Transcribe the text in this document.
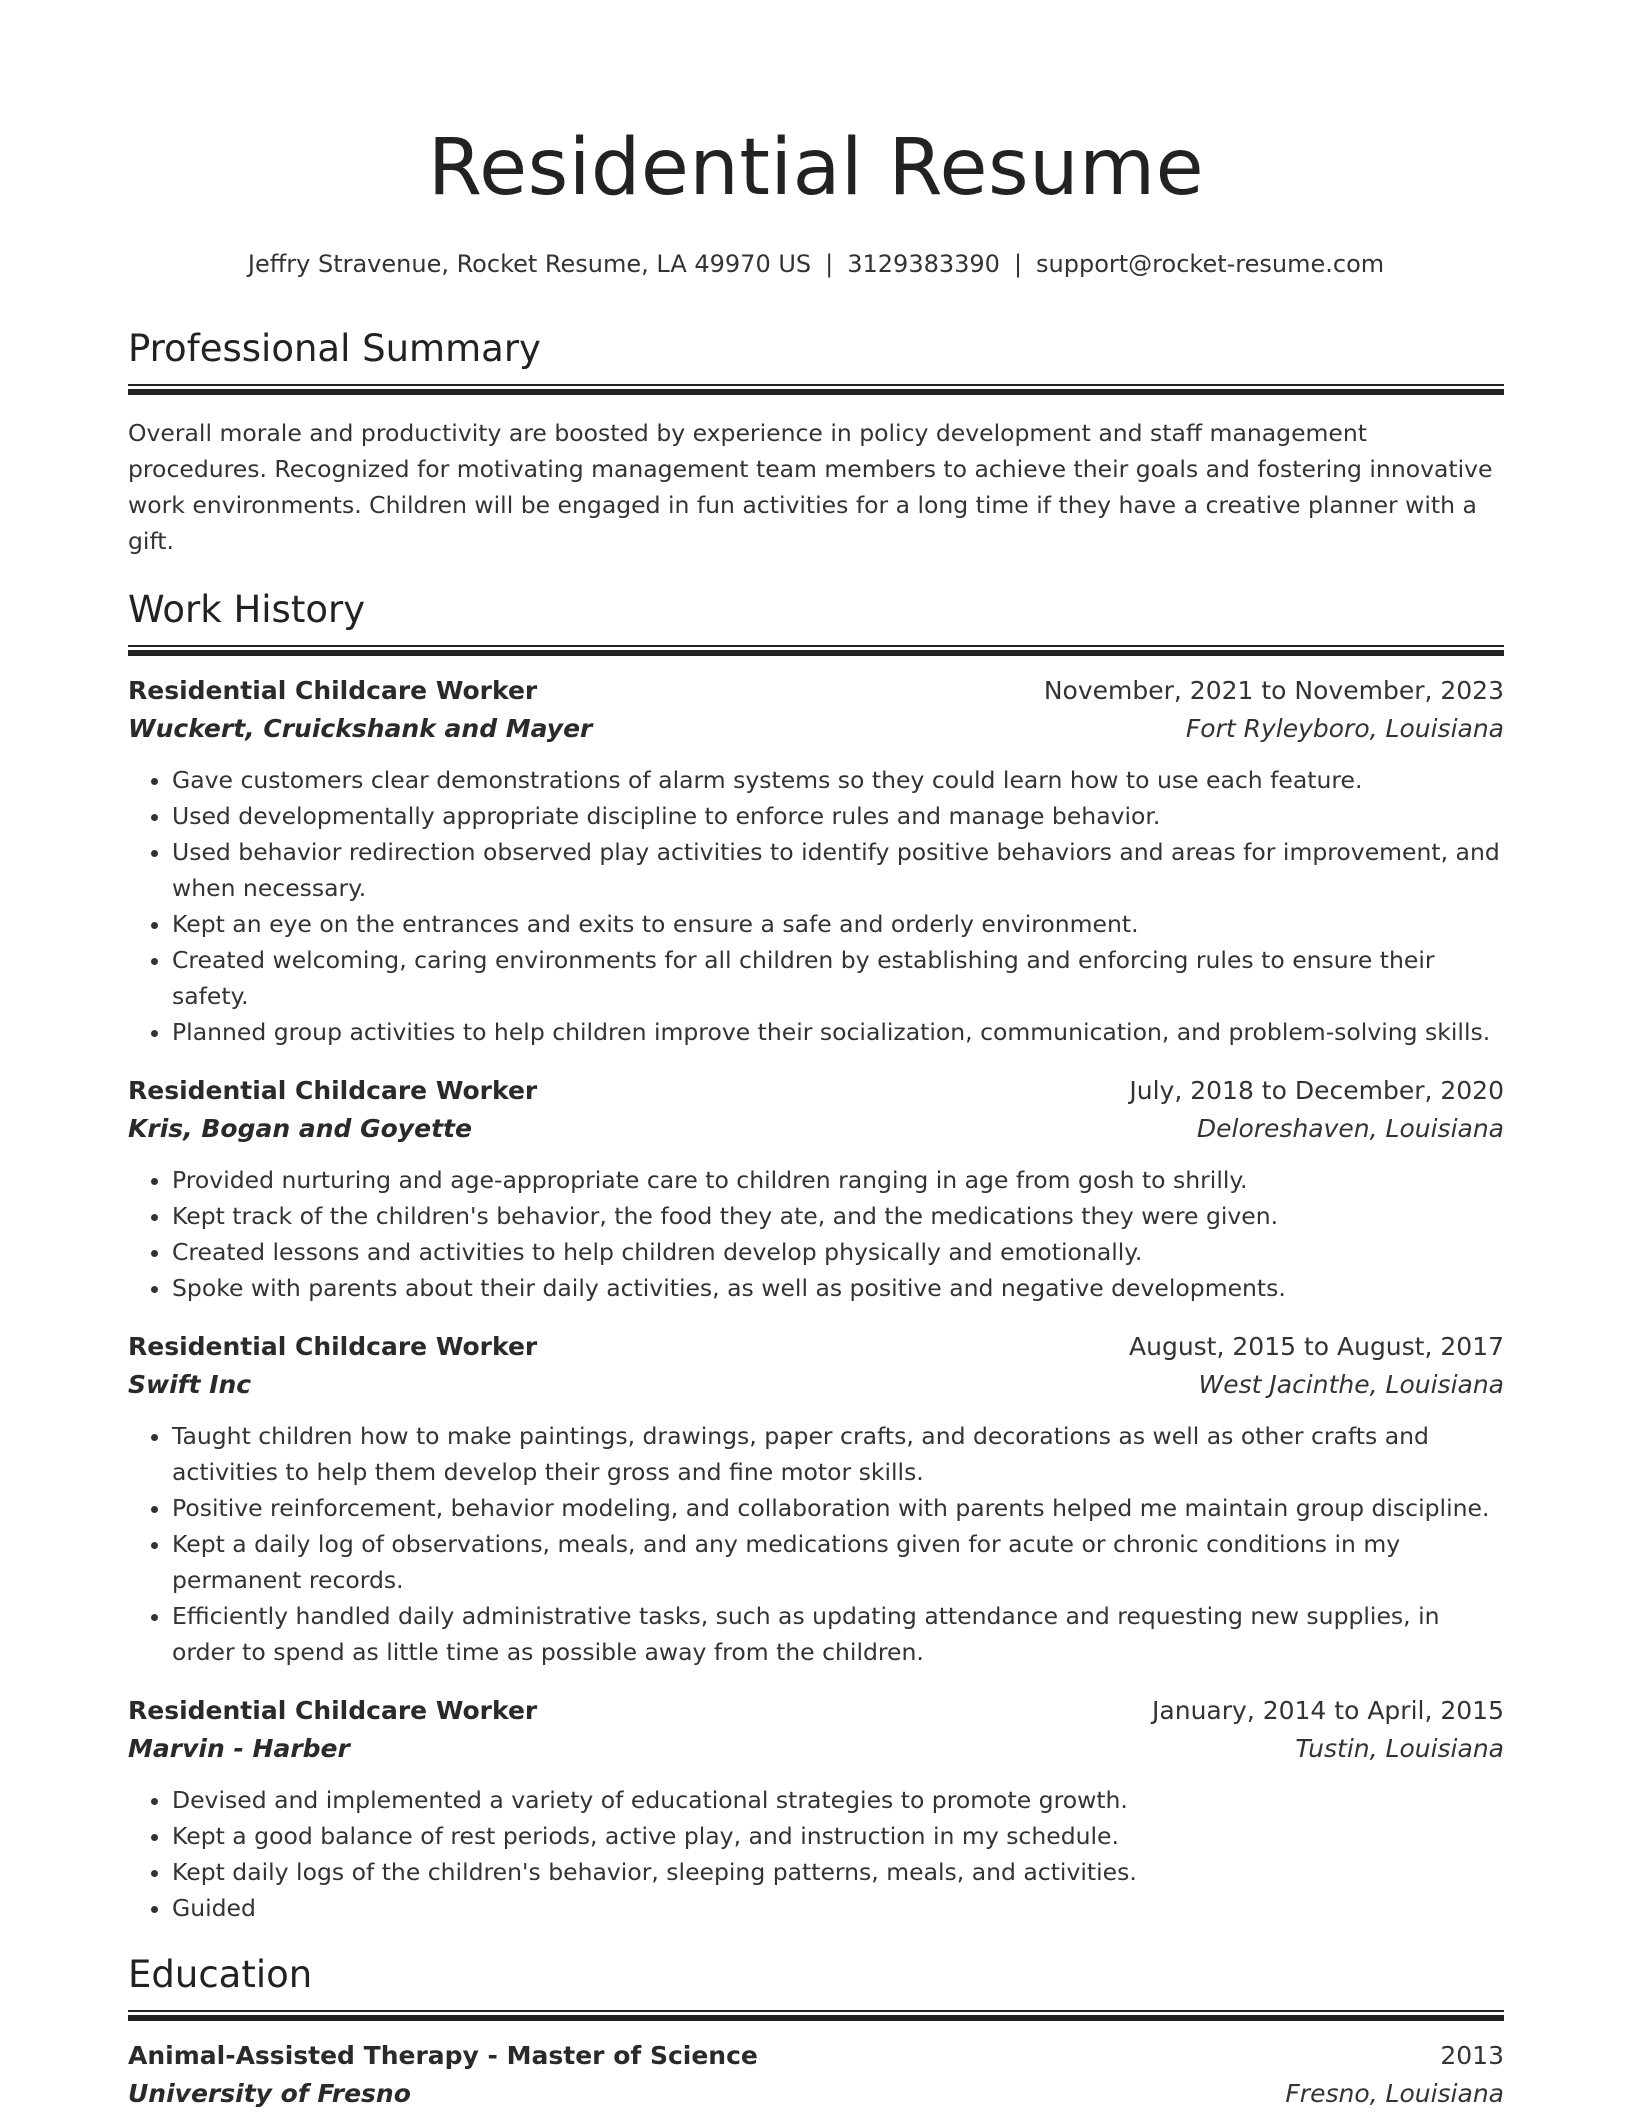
Residential Resume
Jeffry Stravenue, Rocket Resume, LA 49970 US | 3129383390 | support@rocket-resume.com
Professional Summary

Overall morale and productivity are boosted by experience in policy development and staff management procedures. Recognized for motivating management team members to achieve their goals and fostering innovative work environments. Children will be engaged in fun activities for a long time if they have a creative planner with a gift.

Work History
Residential Childcare Worker	November, 2021 to November, 2023
Wuckert, Cruickshank and Mayer	Fort Ryleyboro, Louisiana
• Gave customers clear demonstrations of alarm systems so they could learn how to use each feature.
• Used developmentally appropriate discipline to enforce rules and manage behavior.
• Used behavior redirection observed play activities to identify positive behaviors and areas for improvement, and when necessary.
• Kept an eye on the entrances and exits to ensure a safe and orderly environment.
• Created welcoming, caring environments for all children by establishing and enforcing rules to ensure their safety.
• Planned group activities to help children improve their socialization, communication, and problem-solving skills.
Residential Childcare Worker	July, 2018 to December, 2020
Kris, Bogan and Goyette	Deloreshaven, Louisiana
• Provided nurturing and age-appropriate care to children ranging in age from gosh to shrilly.
• Kept track of the children's behavior, the food they ate, and the medications they were given.
• Created lessons and activities to help children develop physically and emotionally.
• Spoke with parents about their daily activities, as well as positive and negative developments.
Residential Childcare Worker	August, 2015 to August, 2017
Swift Inc	West Jacinthe, Louisiana
• Taught children how to make paintings, drawings, paper crafts, and decorations as well as other crafts and activities to help them develop their gross and fine motor skills.
• Positive reinforcement, behavior modeling, and collaboration with parents helped me maintain group discipline.
• Kept a daily log of observations, meals, and any medications given for acute or chronic conditions in my permanent records.
• Efficiently handled daily administrative tasks, such as updating attendance and requesting new supplies, in order to spend as little time as possible away from the children.
Residential Childcare Worker	January, 2014 to April, 2015
Marvin - Harber	Tustin, Louisiana
• Devised and implemented a variety of educational strategies to promote growth.
• Kept a good balance of rest periods, active play, and instruction in my schedule.
• Kept daily logs of the children's behavior, sleeping patterns, meals, and activities.
• Guided
Education
Animal-Assisted Therapy - Master of Science	2013
University of Fresno	Fresno, Louisiana
